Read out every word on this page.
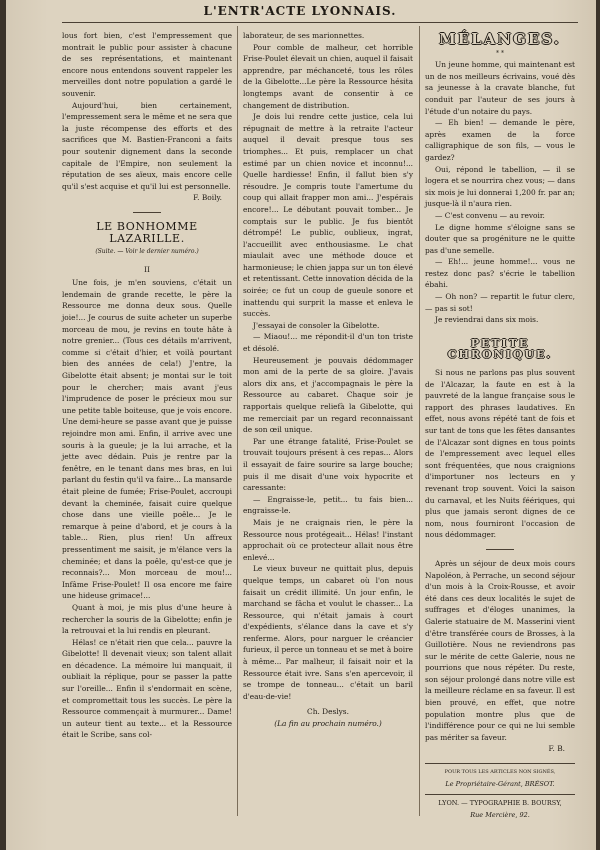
L'ENTR'ACTE LYONNAIS.

lous fort bien, c'est l'empressement que montrait le public pour assister à chacune de ses représentations, et maintenant encore nous entendons souvent rappeler les merveilles dont notre population a gardé le souvenir.

Aujourd'hui, bien certainement, l'empressement sera le même et ne sera que la juste récompense des efforts et des sacrifices que M. Bastien-Franconi a faits pour soutenir dignement dans la seconde capitale de l'Empire, non seulement la réputation de ses aïeux, mais encore celle qu'il s'est acquise et qu'il lui est personnelle.

F. Boily.
LE BONHOMME LAZARILLE.
(Suite. — Voir le dernier numéro.)
II

Une fois, je m'en souviens, c'était un lendemain de grande recette, le père la Ressource me donna deux sous. Quelle joie!... Je courus de suite acheter un superbe morceau de mou, je revins en toute hâte à notre grenier... (Tous ces détails m'arrivent, comme si c'était d'hier, et voilà pourtant bien des années de cela!) J'entre, la Gibelotte était absent; je montai sur le toit pour le chercher; mais avant j'eus l'imprudence de poser le précieux mou sur une petite table boiteuse, que je vois encore. Une demi-heure se passe avant que je puisse rejoindre mon ami. Enfin, il arrive avec une souris à la gueule; je la lui arrache, et la jette avec dédain. Puis je rentre par la fenêtre, en le tenant dans mes bras, en lui parlant du festin qu'il va faire... La mansarde était pleine de fumée; Frise-Poulet, accroupi devant la cheminée, faisait cuire quelque chose dans une vieille poêle... Je le remarque à peine d'abord, et je cours à la table... Rien, plus rien! Un affreux pressentiment me saisit, je m'élance vers la cheminée; et dans la poêle, qu'est-ce que je reconnais?... Mon morceau de mou!... Infâme Frise-Poulet! Il osa encore me faire une hideuse grimace!...

Quant à moi, je mis plus d'une heure à rechercher la souris de la Gibelotte; enfin je la retrouvai et la lui rendis en pleurant.

Hélas! ce n'était rien que cela... pauvre la Gibelotte! Il devenait vieux; son talent allait en décadence. La mémoire lui manquait, il oubliait la réplique, pour se passer la patte sur l'oreille... Enfin il s'endormait en scène, et compromettait tous les succès. Le père la Ressource commençait à murmurer... Dame! un auteur tient au texte... et la Ressource était le Scribe, sans col-

laborateur, de ses marionnettes.

Pour comble de malheur, cet horrible Frise-Poulet élevait un chien, auquel il faisait apprendre, par méchanceté, tous les rôles de la Gibelotte...Le père la Ressource hésita longtemps avant de consentir à ce changement de distribution.

Je dois lui rendre cette justice, cela lui répugnait de mettre à la retraite l'acteur auquel il devait presque tous ses triomphes... Et puis, remplacer un chat estimé par un chien novice et inconnu!... Quelle hardiesse! Enfin, il fallut bien s'y résoudre. Je compris toute l'amertume du coup qui allait frapper mon ami... J'espérais encore!... Le débutant pouvait tomber... Je comptais sur le public. Je fus bientôt détrompé! Le public, oublieux, ingrat, l'accueillit avec enthousiasme. Le chat miaulait avec une méthode douce et harmonieuse; le chien jappa sur un ton élevé et retentissant. Cette innovation décida de la soirée; ce fut un coup de gueule sonore et inattendu qui surprit la masse et enleva le succès.

J'essayai de consoler la Gibelotte.

— Miaou!... me répondit-il d'un ton triste et désolé.

Heureusement je pouvais dédommager mon ami de la perte de sa gloire. J'avais alors dix ans, et j'accompagnais le père la Ressource au cabaret. Chaque soir je rapportais quelque reliefà la Gibelotte, qui me remerciait par un regard reconnaissant de son œil unique.

Par une étrange fatalité, Frise-Poulet se trouvait toujours présent à ces repas... Alors il essayait de faire sourire sa large bouche; puis il me disait d'une voix hypocrite et caressante:

— Engraisse-le, petit... tu fais bien... engraisse-le.

Mais je ne craignais rien, le père la Ressource nous protégeait... Hélas! l'instant approchait où ce protecteur allait nous être enlevé...

Le vieux buveur ne quittait plus, depuis quelque temps, un cabaret où l'on nous faisait un crédit illimité. Un jour enfin, le marchand se fâcha et voulut le chasser... La Ressource, qui n'était jamais à court d'expédients, s'élance dans la cave et s'y renferme. Alors, pour narguer le créancier furieux, il perce un tonneau et se met à boire à même... Par malheur, il faisait noir et la Ressource était ivre. Sans s'en apercevoir, il se trompe de tonneau... c'était un baril d'eau-de-vie!

Ch. Deslys.
(La fin au prochain numéro.)
MÉLANGES.
* *

Un jeune homme, qui maintenant est un de nos meilleurs écrivains, voué dès sa jeunesse à la cravate blanche, fut conduit par l'auteur de ses jours à l'étude d'un notaire du pays.

— Eh bien! — demande le père, après examen de la force calligraphique de son fils, — vous le gardez?

Oui, répond le tabellion, — il se logera et se nourrira chez vous; — dans six mois je lui donnerai 1,200 fr. par an; jusque-là il n'aura rien.

— C'est convenu — au revoir.

Le digne homme s'éloigne sans se douter que sa progéniture ne le quitte pas d'une semelle.

— Eh!... jeune homme!... vous ne restez donc pas? s'écrie le tabellion ébahi.

— Oh non? — repartit le futur clerc, — pas si sot!

Je reviendrai dans six mois.

PETITE CHRONIQUE.

Si nous ne parlons pas plus souvent de l'Alcazar, la faute en est à la pauvreté de la langue française sous le rapport des phrases laudatives. En effet, nous avons répété tant de fois et sur tant de tons que les fêtes dansantes de l'Alcazar sont dignes en tous points de l'empressement avec lequel elles sont fréquentées, que nous craignions d'importuner nos lecteurs en y revenant trop souvent. Voici la saison du carnaval, et les Nuits féériques, qui plus que jamais seront dignes de ce nom, nous fourniront l'occasion de nous dédommager.

Après un séjour de deux mois cours Napoléon, à Perrache, un second séjour d'un mois à la Croix-Rousse, et avoir été dans ces deux localités le sujet de suffrages et d'éloges unanimes, la Galerie statuaire de M. Masserini vient d'être transférée cours de Brosses, à la Guillotière. Nous ne reviendrons pas sur le mérite de cette Galerie, nous ne pourrions que nous répéter. Du reste, son séjour prolongé dans notre ville est la meilleure réclame en sa faveur. Il est bien prouvé, en effet, que notre population montre plus que de l'indifférence pour ce qui ne lui semble pas mériter sa faveur.

F. B.
POUR TOUS LES ARTICLES NON SIGNÉS,
Le Propriétaire-Gérant, BRÉSOT.
LYON. — TYPOGRAPHIE B. BOURSY,
Rue Mercière, 92.
